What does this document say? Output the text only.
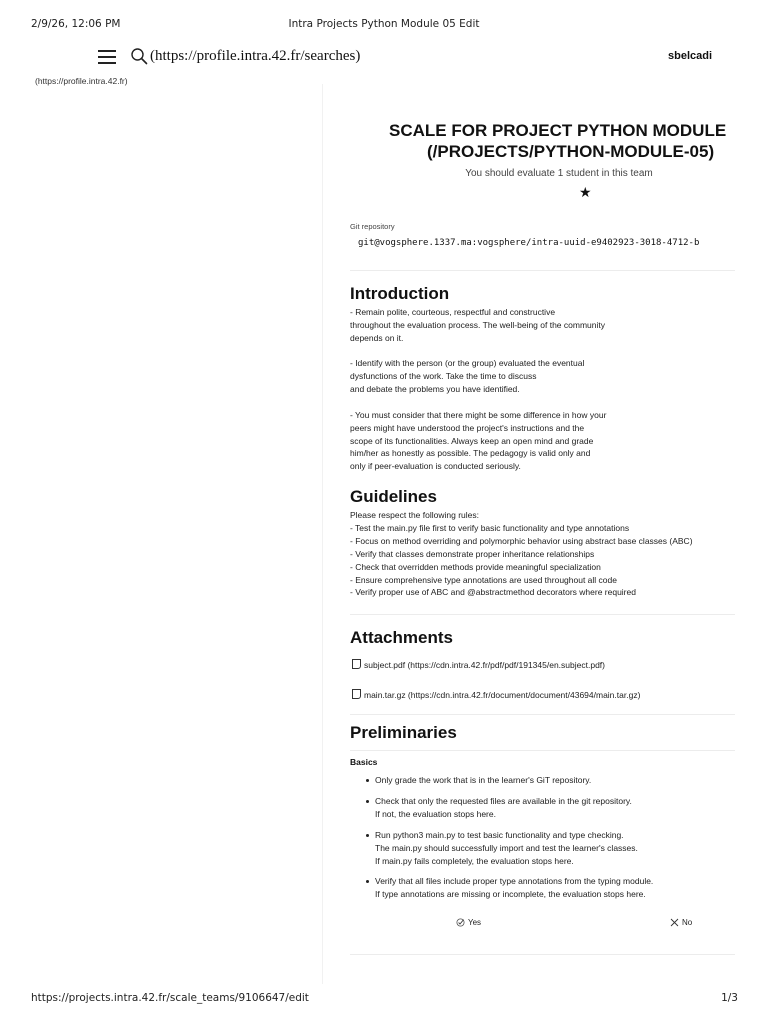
2/9/26, 12:06 PM	Intra Projects Python Module 05 Edit
(https://profile.intra.42.fr/searches)	sbelcadi
(https://profile.intra.42.fr)
SCALE FOR PROJECT PYTHON MODULE
(/PROJECTS/PYTHON-MODULE-05)
You should evaluate 1 student in this team
★
Git repository
git@vogsphere.1337.ma:vogsphere/intra-uuid-e9402923-3018-4712-b
Introduction
- Remain polite, courteous, respectful and constructive
throughout the evaluation process. The well-being of the community
depends on it.
- Identify with the person (or the group) evaluated the eventual
dysfunctions of the work. Take the time to discuss
and debate the problems you have identified.
- You must consider that there might be some difference in how your
peers might have understood the project's instructions and the
scope of its functionalities. Always keep an open mind and grade
him/her as honestly as possible. The pedagogy is valid only and
only if peer-evaluation is conducted seriously.
Guidelines
Please respect the following rules:
- Test the main.py file first to verify basic functionality and type annotations
- Focus on method overriding and polymorphic behavior using abstract base classes (ABC)
- Verify that classes demonstrate proper inheritance relationships
- Check that overridden methods provide meaningful specialization
- Ensure comprehensive type annotations are used throughout all code
- Verify proper use of ABC and @abstractmethod decorators where required
Attachments
subject.pdf (https://cdn.intra.42.fr/pdf/pdf/191345/en.subject.pdf)
main.tar.gz (https://cdn.intra.42.fr/document/document/43694/main.tar.gz)
Preliminaries
Basics
Only grade the work that is in the learner's GiT repository.
Check that only the requested files are available in the git repository.
If not, the evaluation stops here.
Run python3 main.py to test basic functionality and type checking.
The main.py should successfully import and test the learner's classes.
If main.py fails completely, the evaluation stops here.
Verify that all files include proper type annotations from the typing module.
If type annotations are missing or incomplete, the evaluation stops here.
Yes	No
https://projects.intra.42.fr/scale_teams/9106647/edit	1/3
